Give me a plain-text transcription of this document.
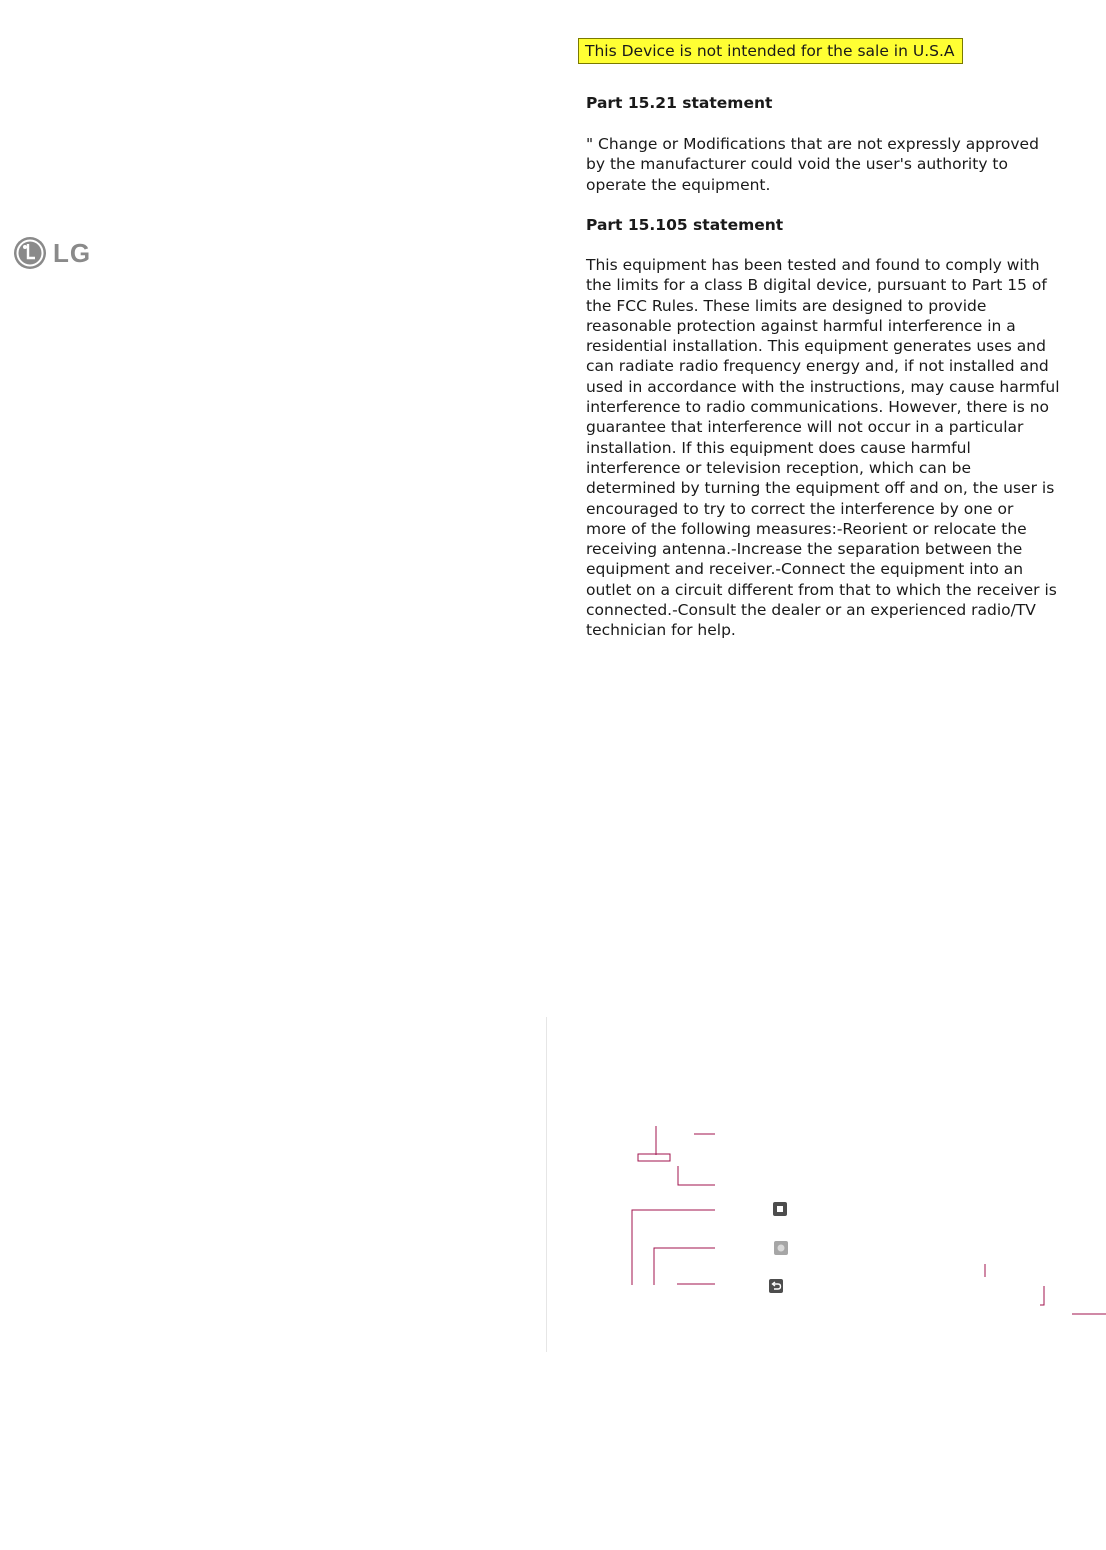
LG
This Device is not intended for the sale in U.S.A
Part 15.21 statement

" Change or Modifications that are not expressly approved
by the manufacturer could void the user's authority to
operate the equipment.

Part 15.105 statement

This equipment has been tested and found to comply with
the limits for a class B digital device, pursuant to Part 15 of
the FCC Rules. These limits are designed to provide
reasonable protection against harmful interference in a
residential installation. This equipment generates uses and
can radiate radio frequency energy and, if not installed and
used in accordance with the instructions, may cause harmful
interference to radio communications. However, there is no
guarantee that interference will not occur in a particular
installation. If this equipment does cause harmful
interference or television reception, which can be
determined by turning the equipment off and on, the user is
encouraged to try to correct the interference by one or
more of the following measures:-Reorient or relocate the
receiving antenna.-Increase the separation between the
equipment and receiver.-Connect the equipment into an
outlet on a circuit different from that to which the receiver is
connected.-Consult the dealer or an experienced radio/TV
technician for help.
